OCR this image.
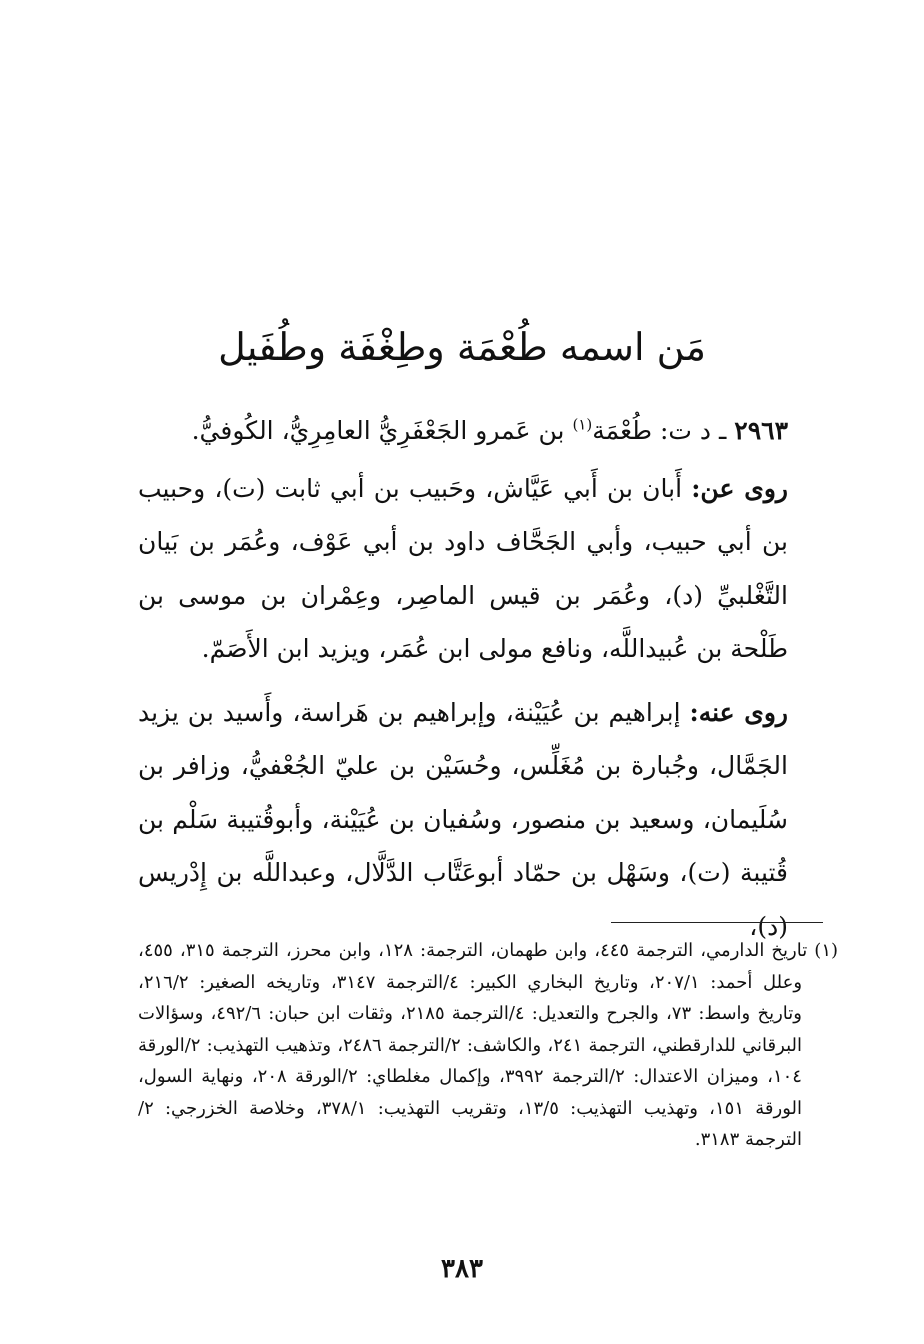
مَن اسمه طُعْمَة وطِغْفَة وطُفَيل

٢٩٦٣ ـ د ت: طُعْمَة$^{(١)}$ بن عَمرو الجَعْفَرِيُّ العامِرِيُّ، الكُوفيُّ.

روى عن: أَبان بن أَبي عَيَّاش، وحَبيب بن أبي ثابت (ت)، وحبيب بن أبي حبيب، وأبي الجَحَّاف داود بن أبي عَوْف، وعُمَر بن بَيان التَّغْلبيِّ (د)، وعُمَر بن قيس الماصِر، وعِمْران بن موسى بن طَلْحة بن عُبيداللَّه، ونافع مولى ابن عُمَر، ويزيد ابن الأَصَمّ.

روى عنه: إبراهيم بن عُيَيْنة، وإبراهيم بن هَراسة، وأَسيد بن يزيد الجَمَّال، وجُبارة بن مُغَلِّس، وحُسَيْن بن عليّ الجُعْفيُّ، وزافر بن سُلَيمان، وسعيد بن منصور، وسُفيان بن عُيَيْنة، وأبوقُتيبة سَلْم بن قُتيبة (ت)، وسَهْل بن حمّاد أبوعَتَّاب الدَّلَّال، وعبداللَّه بن إِدْريس (د)،

(١) تاريخ الدارمي، الترجمة ٤٤٥، وابن طهمان، الترجمة: ١٢٨، وابن محرز، الترجمة ٣١٥، ٤٥٥، وعلل أحمد: ٢٠٧/١، وتاريخ البخاري الكبير: ٤/الترجمة ٣١٤٧، وتاريخه الصغير: ٢١٦/٢، وتاريخ واسط: ٧٣، والجرح والتعديل: ٤/الترجمة ٢١٨٥، وثقات ابن حبان: ٤٩٢/٦، وسؤالات البرقاني للدارقطني، الترجمة ٢٤١، والكاشف: ٢/الترجمة ٢٤٨٦، وتذهيب التهذيب: ٢/الورقة ١٠٤، وميزان الاعتدال: ٢/الترجمة ٣٩٩٢، وإكمال مغلطاي: ٢/الورقة ٢٠٨، ونهاية السول، الورقة ١٥١، وتهذيب التهذيب: ١٣/٥، وتقريب التهذيب: ٣٧٨/١، وخلاصة الخزرجي: ٢/الترجمة ٣١٨٣.

٣٨٣
